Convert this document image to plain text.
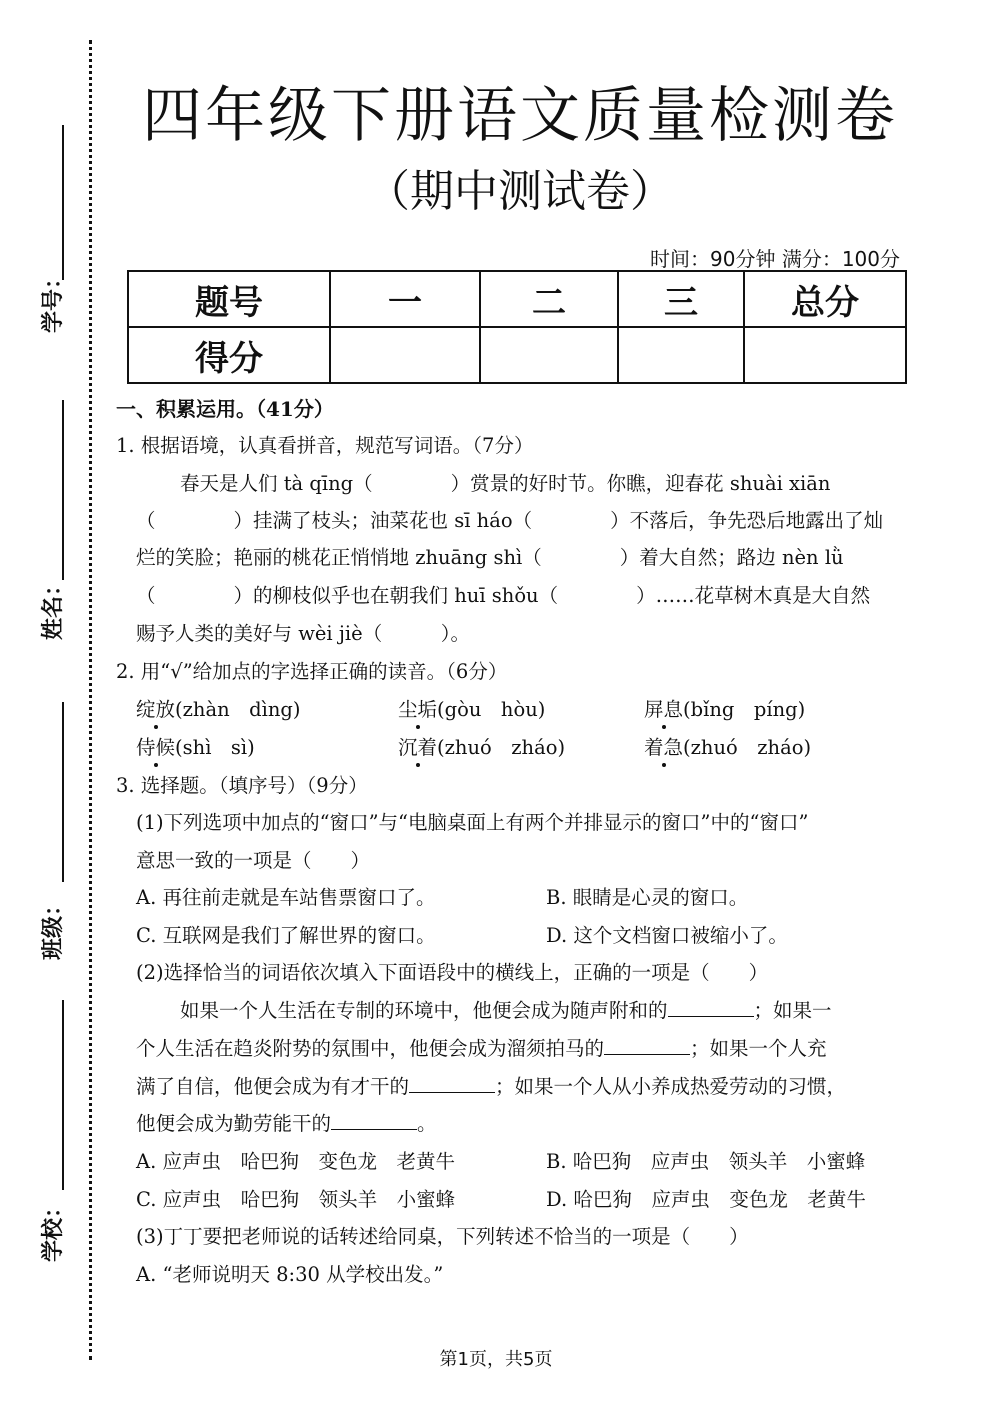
学号：
姓名：
班级：
学校：
四年级下册语文质量检测卷
（期中测试卷）
时间：90分钟 满分：100分
题号	一	二	三	总分
得分				
一、积累运用。（41分）
1. 根据语境，认真看拼音，规范写词语。（7分）
春天是人们 tà qīng（　　　　）赏景的好时节。你瞧，迎春花 shuài xiān
（　　　　）挂满了枝头；油菜花也 sī háo（　　　　）不落后，争先恐后地露出了灿
烂的笑脸；艳丽的桃花正悄悄地 zhuāng shì（　　　　）着大自然；路边 nèn lǜ
（　　　　）的柳枝似乎也在朝我们 huī shǒu（　　　　）……花草树木真是大自然
赐予人类的美好与 wèi jiè（　　　）。
2. 用“√”给加点的字选择正确的读音。（6分）
绽放(zhàn　dìng)	尘垢(gòu　hòu)	屏息(bǐng　píng)
侍候(shì　sì)	沉着(zhuó　zháo)	着急(zhuó　zháo)
3. 选择题。（填序号）（9分）
(1)下列选项中加点的“窗口”与“电脑桌面上有两个并排显示的窗口”中的“窗口”
意思一致的一项是（　　）
A. 再往前走就是车站售票窗口了。	B. 眼睛是心灵的窗口。
C. 互联网是我们了解世界的窗口。	D. 这个文档窗口被缩小了。
(2)选择恰当的词语依次填入下面语段中的横线上，正确的一项是（　　）
如果一个人生活在专制的环境中，他便会成为随声附和的	；如果一
个人生活在趋炎附势的氛围中，他便会成为溜须拍马的	；如果一个人充
满了自信，他便会成为有才干的	；如果一个人从小养成热爱劳动的习惯，
他便会成为勤劳能干的	。
A. 应声虫　哈巴狗　变色龙　老黄牛	B. 哈巴狗　应声虫　领头羊　小蜜蜂
C. 应声虫　哈巴狗　领头羊　小蜜蜂	D. 哈巴狗　应声虫　变色龙　老黄牛
(3)丁丁要把老师说的话转述给同桌，下列转述不恰当的一项是（　　）
A. “老师说明天 8:30 从学校出发。”
第1页，共5页
